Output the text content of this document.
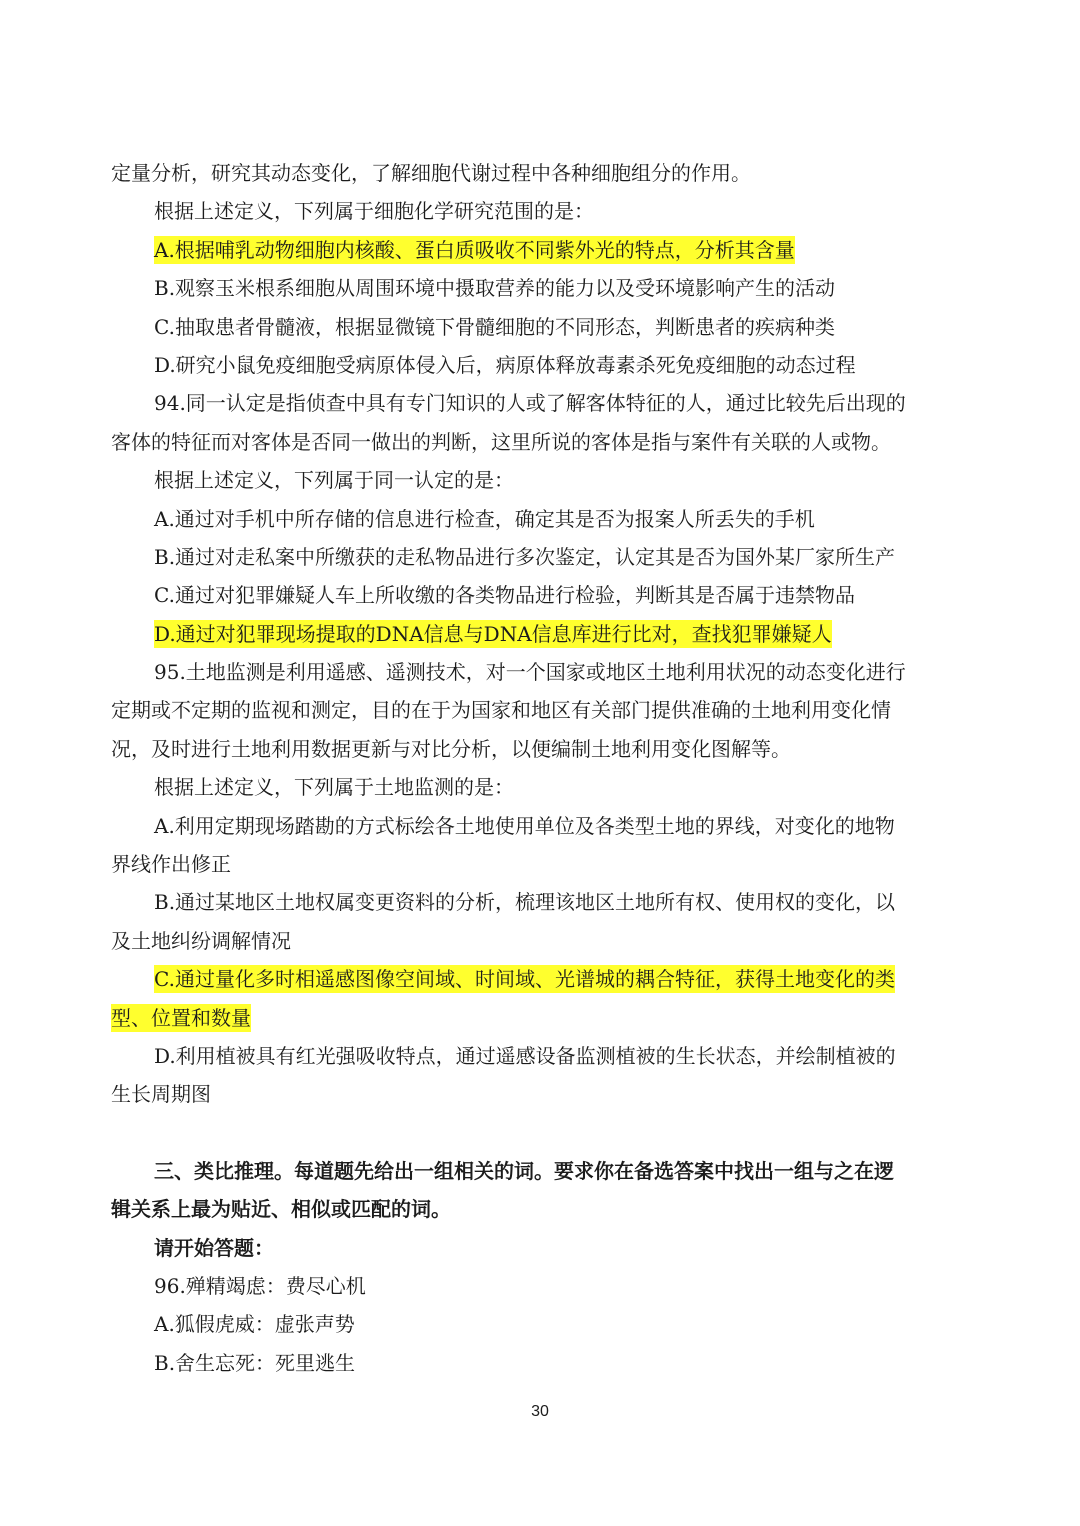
定量分析，研究其动态变化，了解细胞代谢过程中各种细胞组分的作用。
根据上述定义，下列属于细胞化学研究范围的是：
A.根据哺乳动物细胞内核酸、蛋白质吸收不同紫外光的特点，分析其含量
B.观察玉米根系细胞从周围环境中摄取营养的能力以及受环境影响产生的活动
C.抽取患者骨髓液，根据显微镜下骨髓细胞的不同形态，判断患者的疾病种类
D.研究小鼠免疫细胞受病原体侵入后，病原体释放毒素杀死免疫细胞的动态过程
94.同一认定是指侦查中具有专门知识的人或了解客体特征的人，通过比较先后出现的
客体的特征而对客体是否同一做出的判断，这里所说的客体是指与案件有关联的人或物。
根据上述定义，下列属于同一认定的是：
A.通过对手机中所存储的信息进行检查，确定其是否为报案人所丢失的手机
B.通过对走私案中所缴获的走私物品进行多次鉴定，认定其是否为国外某厂家所生产
C.通过对犯罪嫌疑人车上所收缴的各类物品进行检验，判断其是否属于违禁物品
D.通过对犯罪现场提取的DNA信息与DNA信息库进行比对，查找犯罪嫌疑人
95.土地监测是利用遥感、遥测技术，对一个国家或地区土地利用状况的动态变化进行
定期或不定期的监视和测定，目的在于为国家和地区有关部门提供准确的土地利用变化情
况，及时进行土地利用数据更新与对比分析，以便编制土地利用变化图解等。
根据上述定义，下列属于土地监测的是：
A.利用定期现场踏勘的方式标绘各土地使用单位及各类型土地的界线，对变化的地物
界线作出修正
B.通过某地区土地权属变更资料的分析，梳理该地区土地所有权、使用权的变化，以
及土地纠纷调解情况
C.通过量化多时相遥感图像空间域、时间域、光谱城的耦合特征，获得土地变化的类
型、位置和数量
D.利用植被具有红光强吸收特点，通过遥感设备监测植被的生长状态，并绘制植被的
生长周期图
三、类比推理。每道题先给出一组相关的词。要求你在备选答案中找出一组与之在逻
辑关系上最为贴近、相似或匹配的词。
请开始答题：
96.殚精竭虑：费尽心机
A.狐假虎威：虚张声势
B.舍生忘死：死里逃生
30
